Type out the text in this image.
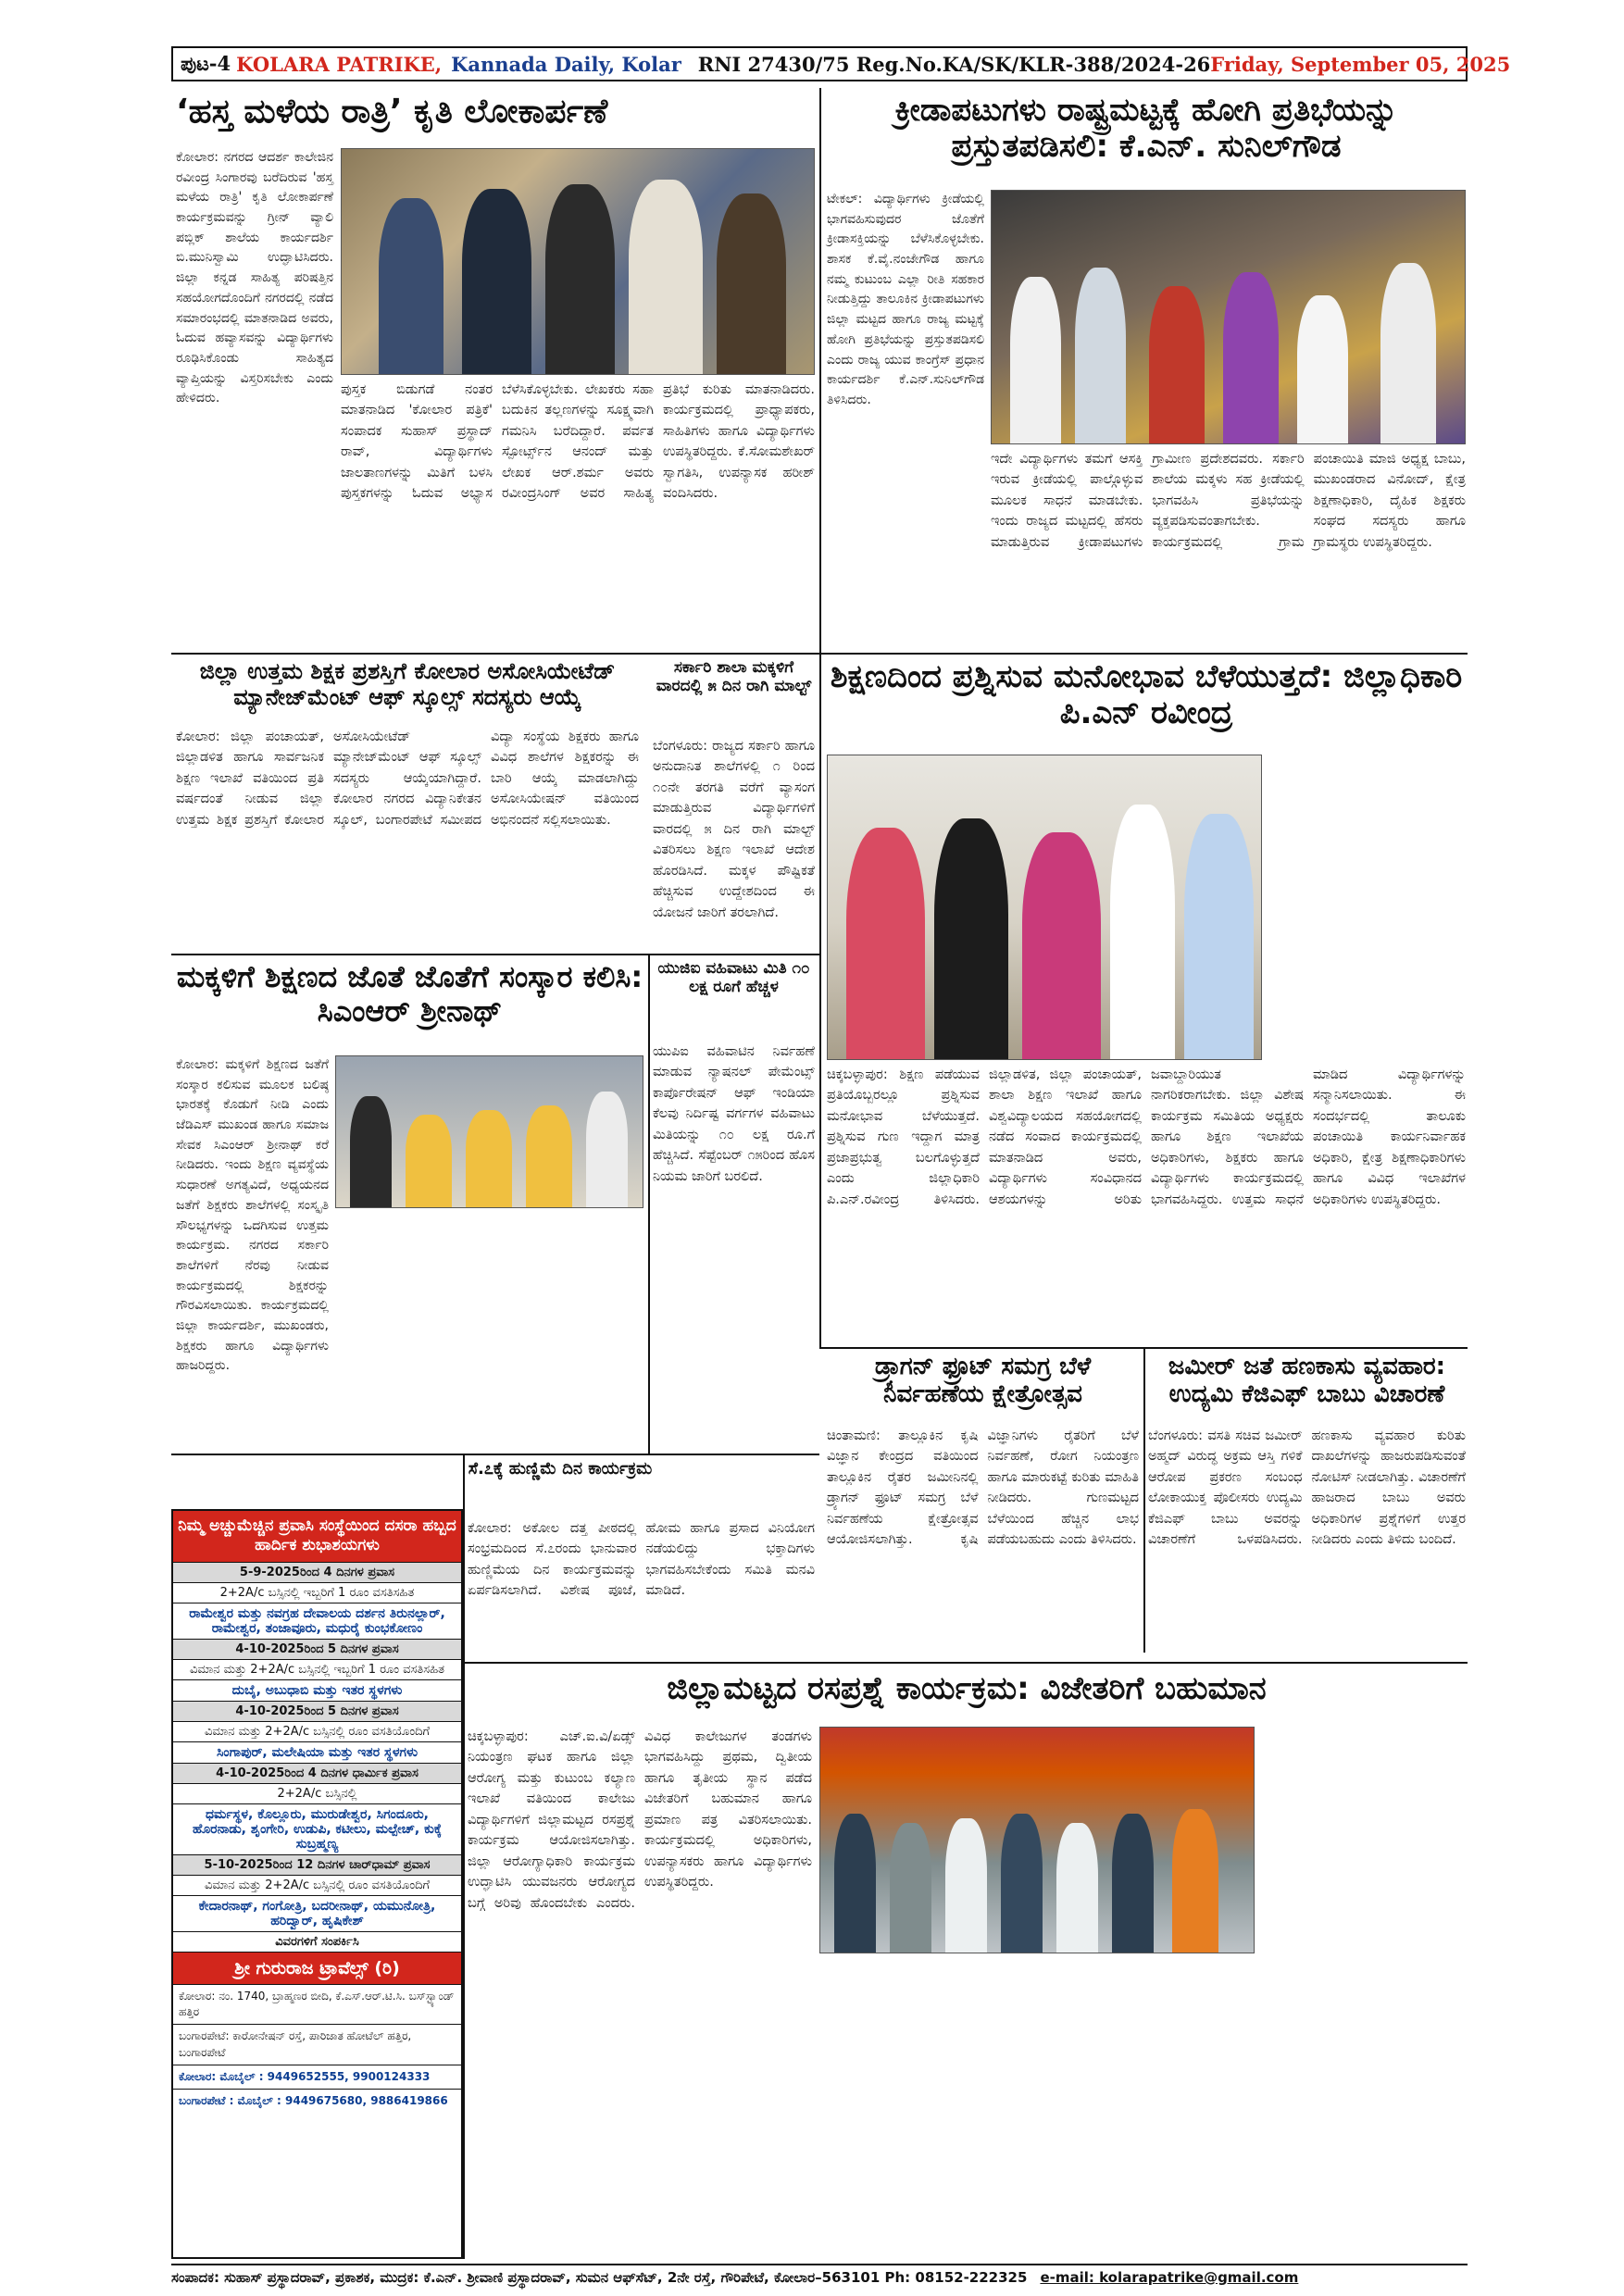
ಪುಟ-4 KOLARA PATRIKE, Kannada Daily, Kolar RNI 27430/75 Reg.No.KA/SK/KLR-388/2024-26 Friday, September 05, 2025
‘ಹಸ್ತ ಮಳೆಯ ರಾತ್ರಿ’ ಕೃತಿ ಲೋಕಾರ್ಪಣೆ
ಕೋಲಾರ: ನಗರದ ಆದರ್ಶ ಕಾಲೇಜಿನ ರವೀಂದ್ರ ಸಿಂಗಾರವು ಬರೆದಿರುವ 'ಹಸ್ತ ಮಳೆಯ ರಾತ್ರಿ' ಕೃತಿ ಲೋಕಾರ್ಪಣೆ ಕಾರ್ಯಕ್ರಮವನ್ನು ಗ್ರೀನ್ ವ್ಯಾಲಿ ಪಬ್ಲಿಕ್ ಶಾಲೆಯ ಕಾರ್ಯದರ್ಶಿ ಬಿ.ಮುನಿಸ್ವಾಮಿ ಉದ್ಘಾಟಿಸಿದರು. ಜಿಲ್ಲಾ ಕನ್ನಡ ಸಾಹಿತ್ಯ ಪರಿಷತ್ತಿನ ಸಹಯೋಗದೊಂದಿಗೆ ನಗರದಲ್ಲಿ ನಡೆದ ಸಮಾರಂಭದಲ್ಲಿ ಮಾತನಾಡಿದ ಅವರು, ಓದುವ ಹವ್ಯಾಸವನ್ನು ವಿದ್ಯಾರ್ಥಿಗಳು ರೂಢಿಸಿಕೊಂಡು ಸಾಹಿತ್ಯದ ವ್ಯಾಪ್ತಿಯನ್ನು ವಿಸ್ತರಿಸಬೇಕು ಎಂದು ಹೇಳಿದರು.
ಪುಸ್ತಕ ಬಿಡುಗಡೆ ನಂತರ ಮಾತನಾಡಿದ 'ಕೋಲಾರ ಪತ್ರಿಕೆ' ಸಂಪಾದಕ ಸುಹಾಸ್ ಪ್ರಸ್ಥಾದ್ ರಾವ್, ವಿದ್ಯಾರ್ಥಿಗಳು ಜಾಲತಾಣಗಳನ್ನು ಮಿತಿಗೆ ಬಳಸಿ ಪುಸ್ತಕಗಳನ್ನು ಓದುವ ಅಭ್ಯಾಸ ಬೆಳೆಸಿಕೊಳ್ಳಬೇಕು. ಲೇಖಕರು ಸಹಾ ಬದುಕಿನ ತಲ್ಲಣಗಳನ್ನು ಸೂಕ್ಷ್ಮವಾಗಿ ಗಮನಿಸಿ ಬರೆದಿದ್ದಾರೆ. ಪರ್ವತ ಸ್ಪೋರ್ಟ್ಸ್‌ನ ಆನಂದ್ ಮತ್ತು ಲೇಖಕ ಆರ್.ಶರ್ಮ ಅವರು ರವೀಂದ್ರಸಿಂಗ್ ಅವರ ಸಾಹಿತ್ಯ ಪ್ರತಿಭೆ ಕುರಿತು ಮಾತನಾಡಿದರು. ಕಾರ್ಯಕ್ರಮದಲ್ಲಿ ಪ್ರಾಧ್ಯಾಪಕರು, ಸಾಹಿತಿಗಳು ಹಾಗೂ ವಿದ್ಯಾರ್ಥಿಗಳು ಉಪಸ್ಥಿತರಿದ್ದರು. ಕೆ.ಸೋಮಶೇಖರ್ ಸ್ವಾಗತಿಸಿ, ಉಪನ್ಯಾಸಕ ಹರೀಶ್ ವಂದಿಸಿದರು.
ಕ್ರೀಡಾಪಟುಗಳು ರಾಷ್ಟ್ರಮಟ್ಟಕ್ಕೆ ಹೋಗಿ ಪ್ರತಿಭೆಯನ್ನು ಪ್ರಸ್ತುತಪಡಿಸಲಿ: ಕೆ.ಎನ್. ಸುನಿಲ್‌ಗೌಡ
ಟೇಕಲ್: ವಿದ್ಯಾರ್ಥಿಗಳು ಕ್ರೀಡೆಯಲ್ಲಿ ಭಾಗವಹಿಸುವುದರ ಜೊತೆಗೆ ಕ್ರೀಡಾಸಕ್ತಿಯನ್ನು ಬೆಳೆಸಿಕೊಳ್ಳಬೇಕು. ಶಾಸಕ ಕೆ.ವೈ.ನಂಜೇಗೌಡ ಹಾಗೂ ನಮ್ಮ ಕುಟುಂಬ ಎಲ್ಲಾ ರೀತಿ ಸಹಕಾರ ನೀಡುತ್ತಿದ್ದು ತಾಲೂಕಿನ ಕ್ರೀಡಾಪಟುಗಳು ಜಿಲ್ಲಾ ಮಟ್ಟದ ಹಾಗೂ ರಾಜ್ಯ ಮಟ್ಟಕ್ಕೆ ಹೋಗಿ ಪ್ರತಿಭೆಯನ್ನು ಪ್ರಸ್ತುತಪಡಿಸಲಿ ಎಂದು ರಾಜ್ಯ ಯುವ ಕಾಂಗ್ರೆಸ್ ಪ್ರಧಾನ ಕಾರ್ಯದರ್ಶಿ ಕೆ.ಎನ್.ಸುನಿಲ್‌ಗೌಡ ತಿಳಿಸಿದರು.
ಇದೇ ವಿದ್ಯಾರ್ಥಿಗಳು ತಮಗೆ ಆಸಕ್ತಿ ಇರುವ ಕ್ರೀಡೆಯಲ್ಲಿ ಪಾಲ್ಗೊಳ್ಳುವ ಮೂಲಕ ಸಾಧನೆ ಮಾಡಬೇಕು. ಇಂದು ರಾಜ್ಯದ ಮಟ್ಟದಲ್ಲಿ ಹೆಸರು ಮಾಡುತ್ತಿರುವ ಕ್ರೀಡಾಪಟುಗಳು ಗ್ರಾಮೀಣ ಪ್ರದೇಶದವರು. ಸರ್ಕಾರಿ ಶಾಲೆಯ ಮಕ್ಕಳು ಸಹ ಕ್ರೀಡೆಯಲ್ಲಿ ಭಾಗವಹಿಸಿ ಪ್ರತಿಭೆಯನ್ನು ವ್ಯಕ್ತಪಡಿಸುವಂತಾಗಬೇಕು. ಕಾರ್ಯಕ್ರಮದಲ್ಲಿ ಗ್ರಾಮ ಪಂಚಾಯಿತಿ ಮಾಜಿ ಅಧ್ಯಕ್ಷ ಬಾಬು, ಮುಖಂಡರಾದ ವಿನೋದ್, ಕ್ಷೇತ್ರ ಶಿಕ್ಷಣಾಧಿಕಾರಿ, ದೈಹಿಕ ಶಿಕ್ಷಕರು ಸಂಘದ ಸದಸ್ಯರು ಹಾಗೂ ಗ್ರಾಮಸ್ಥರು ಉಪಸ್ಥಿತರಿದ್ದರು.
ಜಿಲ್ಲಾ ಉತ್ತಮ ಶಿಕ್ಷಕ ಪ್ರಶಸ್ತಿಗೆ ಕೋಲಾರ ಅಸೋಸಿಯೇಟೆಡ್ ಮ್ಯಾನೇಜ್‌ಮೆಂಟ್ ಆಫ್ ಸ್ಕೂಲ್ಸ್ ಸದಸ್ಯರು ಆಯ್ಕೆ
ಕೋಲಾರ: ಜಿಲ್ಲಾ ಪಂಚಾಯತ್, ಜಿಲ್ಲಾಡಳಿತ ಹಾಗೂ ಸಾರ್ವಜನಿಕ ಶಿಕ್ಷಣ ಇಲಾಖೆ ವತಿಯಿಂದ ಪ್ರತಿ ವರ್ಷದಂತೆ ನೀಡುವ ಜಿಲ್ಲಾ ಉತ್ತಮ ಶಿಕ್ಷಕ ಪ್ರಶಸ್ತಿಗೆ ಕೋಲಾರ ಅಸೋಸಿಯೇಟೆಡ್ ಮ್ಯಾನೇಜ್‌ಮೆಂಟ್ ಆಫ್ ಸ್ಕೂಲ್ಸ್ ಸದಸ್ಯರು ಆಯ್ಕೆಯಾಗಿದ್ದಾರೆ. ಕೋಲಾರ ನಗರದ ವಿದ್ಯಾನಿಕೇತನ ಸ್ಕೂಲ್, ಬಂಗಾರಪೇಟೆ ಸಮೀಪದ ವಿದ್ಯಾ ಸಂಸ್ಥೆಯ ಶಿಕ್ಷಕರು ಹಾಗೂ ವಿವಿಧ ಶಾಲೆಗಳ ಶಿಕ್ಷಕರನ್ನು ಈ ಬಾರಿ ಆಯ್ಕೆ ಮಾಡಲಾಗಿದ್ದು ಅಸೋಸಿಯೇಷನ್ ವತಿಯಿಂದ ಅಭಿನಂದನೆ ಸಲ್ಲಿಸಲಾಯಿತು.
ಸರ್ಕಾರಿ ಶಾಲಾ ಮಕ್ಕಳಿಗೆ ವಾರದಲ್ಲಿ ೫ ದಿನ ರಾಗಿ ಮಾಲ್ಟ್
ಬೆಂಗಳೂರು: ರಾಜ್ಯದ ಸರ್ಕಾರಿ ಹಾಗೂ ಅನುದಾನಿತ ಶಾಲೆಗಳಲ್ಲಿ ೧ ರಿಂದ ೧೦ನೇ ತರಗತಿ ವರೆಗೆ ವ್ಯಾಸಂಗ ಮಾಡುತ್ತಿರುವ ವಿದ್ಯಾರ್ಥಿಗಳಿಗೆ ವಾರದಲ್ಲಿ ೫ ದಿನ ರಾಗಿ ಮಾಲ್ಟ್ ವಿತರಿಸಲು ಶಿಕ್ಷಣ ಇಲಾಖೆ ಆದೇಶ ಹೊರಡಿಸಿದೆ. ಮಕ್ಕಳ ಪೌಷ್ಟಿಕತೆ ಹೆಚ್ಚಿಸುವ ಉದ್ದೇಶದಿಂದ ಈ ಯೋಜನೆ ಜಾರಿಗೆ ತರಲಾಗಿದೆ.
ಶಿಕ್ಷಣದಿಂದ ಪ್ರಶ್ನಿಸುವ ಮನೋಭಾವ ಬೆಳೆಯುತ್ತದೆ: ಜಿಲ್ಲಾಧಿಕಾರಿ ಪಿ.ಎನ್ ರವೀಂದ್ರ
ಚಿಕ್ಕಬಳ್ಳಾಪುರ: ಶಿಕ್ಷಣ ಪಡೆಯುವ ಪ್ರತಿಯೊಬ್ಬರಲ್ಲೂ ಪ್ರಶ್ನಿಸುವ ಮನೋಭಾವ ಬೆಳೆಯುತ್ತದೆ. ಪ್ರಶ್ನಿಸುವ ಗುಣ ಇದ್ದಾಗ ಮಾತ್ರ ಪ್ರಜಾಪ್ರಭುತ್ವ ಬಲಗೊಳ್ಳುತ್ತದೆ ಎಂದು ಜಿಲ್ಲಾಧಿಕಾರಿ ಪಿ.ಎನ್.ರವೀಂದ್ರ ತಿಳಿಸಿದರು. ಜಿಲ್ಲಾಡಳಿತ, ಜಿಲ್ಲಾ ಪಂಚಾಯತ್, ಶಾಲಾ ಶಿಕ್ಷಣ ಇಲಾಖೆ ಹಾಗೂ ವಿಶ್ವವಿದ್ಯಾಲಯದ ಸಹಯೋಗದಲ್ಲಿ ನಡೆದ ಸಂವಾದ ಕಾರ್ಯಕ್ರಮದಲ್ಲಿ ಮಾತನಾಡಿದ ಅವರು, ವಿದ್ಯಾರ್ಥಿಗಳು ಸಂವಿಧಾನದ ಆಶಯಗಳನ್ನು ಅರಿತು ಜವಾಬ್ದಾರಿಯುತ ನಾಗರಿಕರಾಗಬೇಕು. ಜಿಲ್ಲಾ ವಿಶೇಷ ಕಾರ್ಯಕ್ರಮ ಸಮಿತಿಯ ಅಧ್ಯಕ್ಷರು ಹಾಗೂ ಶಿಕ್ಷಣ ಇಲಾಖೆಯ ಅಧಿಕಾರಿಗಳು, ಶಿಕ್ಷಕರು ಹಾಗೂ ವಿದ್ಯಾರ್ಥಿಗಳು ಕಾರ್ಯಕ್ರಮದಲ್ಲಿ ಭಾಗವಹಿಸಿದ್ದರು. ಉತ್ತಮ ಸಾಧನೆ ಮಾಡಿದ ವಿದ್ಯಾರ್ಥಿಗಳನ್ನು ಸನ್ಮಾನಿಸಲಾಯಿತು. ಈ ಸಂದರ್ಭದಲ್ಲಿ ತಾಲೂಕು ಪಂಚಾಯಿತಿ ಕಾರ್ಯನಿರ್ವಾಹಕ ಅಧಿಕಾರಿ, ಕ್ಷೇತ್ರ ಶಿಕ್ಷಣಾಧಿಕಾರಿಗಳು ಹಾಗೂ ವಿವಿಧ ಇಲಾಖೆಗಳ ಅಧಿಕಾರಿಗಳು ಉಪಸ್ಥಿತರಿದ್ದರು.
ಮಕ್ಕಳಿಗೆ ಶಿಕ್ಷಣದ ಜೊತೆ ಜೊತೆಗೆ ಸಂಸ್ಕಾರ ಕಲಿಸಿ: ಸಿಎಂಆರ್ ಶ್ರೀನಾಥ್
ಕೋಲಾರ: ಮಕ್ಕಳಿಗೆ ಶಿಕ್ಷಣದ ಜತೆಗೆ ಸಂಸ್ಕಾರ ಕಲಿಸುವ ಮೂಲಕ ಬಲಿಷ್ಠ ಭಾರತಕ್ಕೆ ಕೊಡುಗೆ ನೀಡಿ ಎಂದು ಜೆಡಿಎಸ್ ಮುಖಂಡ ಹಾಗೂ ಸಮಾಜ ಸೇವಕ ಸಿಎಂಆರ್ ಶ್ರೀನಾಥ್ ಕರೆ ನೀಡಿದರು. ಇಂದು ಶಿಕ್ಷಣ ವ್ಯವಸ್ಥೆಯ ಸುಧಾರಣೆ ಅಗತ್ಯವಿದೆ, ಅಧ್ಯಯನದ ಜತೆಗೆ ಶಿಕ್ಷಕರು ಶಾಲೆಗಳಲ್ಲಿ ಸಂಸ್ಕೃತಿ ಸೌಲಭ್ಯಗಳನ್ನು ಒದಗಿಸುವ ಉತ್ತಮ ಕಾರ್ಯಕ್ರಮ. ನಗರದ ಸರ್ಕಾರಿ ಶಾಲೆಗಳಿಗೆ ನೆರವು ನೀಡುವ ಕಾರ್ಯಕ್ರಮದಲ್ಲಿ ಶಿಕ್ಷಕರನ್ನು ಗೌರವಿಸಲಾಯಿತು. ಕಾರ್ಯಕ್ರಮದಲ್ಲಿ ಜಿಲ್ಲಾ ಕಾರ್ಯದರ್ಶಿ, ಮುಖಂಡರು, ಶಿಕ್ಷಕರು ಹಾಗೂ ವಿದ್ಯಾರ್ಥಿಗಳು ಹಾಜರಿದ್ದರು.
ಯುಜಿಐ ವಹಿವಾಟು ಮಿತಿ ೧೦ ಲಕ್ಷ ರೂಗೆ ಹೆಚ್ಚಳ
ಯುಪಿಐ ವಹಿವಾಟಿನ ನಿರ್ವಹಣೆ ಮಾಡುವ ನ್ಯಾಷನಲ್ ಪೇಮೆಂಟ್ಸ್ ಕಾರ್ಪೊರೇಷನ್ ಆಫ್ ಇಂಡಿಯಾ ಕೆಲವು ನಿರ್ದಿಷ್ಟ ವರ್ಗಗಳ ವಹಿವಾಟು ಮಿತಿಯನ್ನು ೧೦ ಲಕ್ಷ ರೂ.ಗೆ ಹೆಚ್ಚಿಸಿದೆ. ಸೆಪ್ಟೆಂಬರ್ ೧೫ರಿಂದ ಹೊಸ ನಿಯಮ ಜಾರಿಗೆ ಬರಲಿದೆ.
ಡ್ರ್ಯಾಗನ್ ಫ್ರೂಟ್ ಸಮಗ್ರ ಬೆಳೆ ನಿರ್ವಹಣೆಯ ಕ್ಷೇತ್ರೋತ್ಸವ
ಚಿಂತಾಮಣಿ: ತಾಲ್ಲೂಕಿನ ಕೃಷಿ ವಿಜ್ಞಾನ ಕೇಂದ್ರದ ವತಿಯಿಂದ ತಾಲ್ಲೂಕಿನ ರೈತರ ಜಮೀನಿನಲ್ಲಿ ಡ್ರ್ಯಾಗನ್ ಫ್ರೂಟ್ ಸಮಗ್ರ ಬೆಳೆ ನಿರ್ವಹಣೆಯ ಕ್ಷೇತ್ರೋತ್ಸವ ಆಯೋಜಿಸಲಾಗಿತ್ತು. ಕೃಷಿ ವಿಜ್ಞಾನಿಗಳು ರೈತರಿಗೆ ಬೆಳೆ ನಿರ್ವಹಣೆ, ರೋಗ ನಿಯಂತ್ರಣ ಹಾಗೂ ಮಾರುಕಟ್ಟೆ ಕುರಿತು ಮಾಹಿತಿ ನೀಡಿದರು. ಗುಣಮಟ್ಟದ ಬೆಳೆಯಿಂದ ಹೆಚ್ಚಿನ ಲಾಭ ಪಡೆಯಬಹುದು ಎಂದು ತಿಳಿಸಿದರು.
ಜಮೀರ್ ಜತೆ ಹಣಕಾಸು ವ್ಯವಹಾರ: ಉದ್ಯಮಿ ಕೆಜಿಎಫ್ ಬಾಬು ವಿಚಾರಣೆ
ಬೆಂಗಳೂರು: ವಸತಿ ಸಚಿವ ಜಮೀರ್ ಅಹ್ಮದ್ ವಿರುದ್ಧ ಅಕ್ರಮ ಆಸ್ತಿ ಗಳಿಕೆ ಆರೋಪ ಪ್ರಕರಣ ಸಂಬಂಧ ಲೋಕಾಯುಕ್ತ ಪೊಲೀಸರು ಉದ್ಯಮಿ ಕೆಜಿಎಫ್ ಬಾಬು ಅವರನ್ನು ವಿಚಾರಣೆಗೆ ಒಳಪಡಿಸಿದರು. ಹಣಕಾಸು ವ್ಯವಹಾರ ಕುರಿತು ದಾಖಲೆಗಳನ್ನು ಹಾಜರುಪಡಿಸುವಂತೆ ನೋಟಿಸ್ ನೀಡಲಾಗಿತ್ತು. ವಿಚಾರಣೆಗೆ ಹಾಜರಾದ ಬಾಬು ಅವರು ಅಧಿಕಾರಿಗಳ ಪ್ರಶ್ನೆಗಳಿಗೆ ಉತ್ತರ ನೀಡಿದರು ಎಂದು ತಿಳಿದು ಬಂದಿದೆ.
ಸೆ.೭ಕ್ಕೆ ಹುಣ್ಣಿಮೆ ದಿನ ಕಾರ್ಯಕ್ರಮ
ಕೋಲಾರ: ಅಕೋಲ ದತ್ತ ಪೀಠದಲ್ಲಿ ಸಂಭ್ರಮದಿಂದ ಸೆ.೭ರಂದು ಭಾನುವಾರ ಹುಣ್ಣಿಮೆಯ ದಿನ ಕಾರ್ಯಕ್ರಮವನ್ನು ಏರ್ಪಡಿಸಲಾಗಿದೆ. ವಿಶೇಷ ಪೂಜೆ, ಹೋಮ ಹಾಗೂ ಪ್ರಸಾದ ವಿನಿಯೋಗ ನಡೆಯಲಿದ್ದು ಭಕ್ತಾದಿಗಳು ಭಾಗವಹಿಸಬೇಕೆಂದು ಸಮಿತಿ ಮನವಿ ಮಾಡಿದೆ.
ಜಿಲ್ಲಾಮಟ್ಟದ ರಸಪ್ರಶ್ನೆ ಕಾರ್ಯಕ್ರಮ: ವಿಜೇತರಿಗೆ ಬಹುಮಾನ
ಚಿಕ್ಕಬಳ್ಳಾಪುರ: ಎಚ್.ಐ.ವಿ/ಏಡ್ಸ್ ನಿಯಂತ್ರಣ ಘಟಕ ಹಾಗೂ ಜಿಲ್ಲಾ ಆರೋಗ್ಯ ಮತ್ತು ಕುಟುಂಬ ಕಲ್ಯಾಣ ಇಲಾಖೆ ವತಿಯಿಂದ ಕಾಲೇಜು ವಿದ್ಯಾರ್ಥಿಗಳಿಗೆ ಜಿಲ್ಲಾಮಟ್ಟದ ರಸಪ್ರಶ್ನೆ ಕಾರ್ಯಕ್ರಮ ಆಯೋಜಿಸಲಾಗಿತ್ತು. ಜಿಲ್ಲಾ ಆರೋಗ್ಯಾಧಿಕಾರಿ ಕಾರ್ಯಕ್ರಮ ಉದ್ಘಾಟಿಸಿ ಯುವಜನರು ಆರೋಗ್ಯದ ಬಗ್ಗೆ ಅರಿವು ಹೊಂದಬೇಕು ಎಂದರು. ವಿವಿಧ ಕಾಲೇಜುಗಳ ತಂಡಗಳು ಭಾಗವಹಿಸಿದ್ದು ಪ್ರಥಮ, ದ್ವಿತೀಯ ಹಾಗೂ ತೃತೀಯ ಸ್ಥಾನ ಪಡೆದ ವಿಜೇತರಿಗೆ ಬಹುಮಾನ ಹಾಗೂ ಪ್ರಮಾಣ ಪತ್ರ ವಿತರಿಸಲಾಯಿತು. ಕಾರ್ಯಕ್ರಮದಲ್ಲಿ ಅಧಿಕಾರಿಗಳು, ಉಪನ್ಯಾಸಕರು ಹಾಗೂ ವಿದ್ಯಾರ್ಥಿಗಳು ಉಪಸ್ಥಿತರಿದ್ದರು.
ನಿಮ್ಮ ಅಚ್ಚುಮೆಚ್ಚಿನ ಪ್ರವಾಸಿ ಸಂಸ್ಥೆಯಿಂದ ದಸರಾ ಹಬ್ಬದ ಹಾರ್ದಿಕ ಶುಭಾಶಯಗಳು
5-9-2025ರಿಂದ 4 ದಿನಗಳ ಪ್ರವಾಸ
2+2A/c ಬಸ್ಸಿನಲ್ಲಿ ಇಬ್ಬರಿಗೆ 1 ರೂಂ ವಸತಿಸಹಿತ
ರಾಮೇಶ್ವರ ಮತ್ತು ನವಗ್ರಹ ದೇವಾಲಯ ದರ್ಶನ ತಿರುನಲ್ಲಾರ್, ರಾಮೇಶ್ವರ, ತಂಜಾವೂರು, ಮಧುರೈ ಕುಂಭಕೋಣಂ
4-10-2025ರಿಂದ 5 ದಿನಗಳ ಪ್ರವಾಸ
ವಿಮಾನ ಮತ್ತು 2+2A/c ಬಸ್ಸಿನಲ್ಲಿ ಇಬ್ಬರಿಗೆ 1 ರೂಂ ವಸತಿಸಹಿತ
ದುಬೈ, ಅಬುಧಾಬಿ ಮತ್ತು ಇತರ ಸ್ಥಳಗಳು
4-10-2025ರಿಂದ 5 ದಿನಗಳ ಪ್ರವಾಸ
ವಿಮಾನ ಮತ್ತು 2+2A/c ಬಸ್ಸಿನಲ್ಲಿ ರೂಂ ವಸತಿಯೊಂದಿಗೆ
ಸಿಂಗಾಪುರ್, ಮಲೇಷಿಯಾ ಮತ್ತು ಇತರ ಸ್ಥಳಗಳು
4-10-2025ರಿಂದ 4 ದಿನಗಳ ಧಾರ್ಮಿಕ ಪ್ರವಾಸ
2+2A/c ಬಸ್ಸಿನಲ್ಲಿ
ಧರ್ಮಸ್ಥಳ, ಕೊಲ್ಲೂರು, ಮುರುಡೇಶ್ವರ, ಸಿಗಂದೂರು, ಹೊರನಾಡು, ಶೃಂಗೇರಿ, ಉಡುಪಿ, ಕಟೀಲು, ಮಲ್ಪೇಚ್, ಕುಕ್ಕೆ ಸುಬ್ರಹ್ಮಣ್ಯ
5-10-2025ರಿಂದ 12 ದಿನಗಳ ಚಾರ್‌ಧಾಮ್ ಪ್ರವಾಸ
ವಿಮಾನ ಮತ್ತು 2+2A/c ಬಸ್ಸಿನಲ್ಲಿ ರೂಂ ವಸತಿಯೊಂದಿಗೆ
ಕೇದಾರನಾಥ್, ಗಂಗೋತ್ರಿ, ಬದರೀನಾಥ್, ಯಮುನೋತ್ರಿ, ಹರಿದ್ವಾರ್, ಹೃಷಿಕೇಶ್
ವಿವರಗಳಿಗೆ ಸಂಪರ್ಕಿಸಿ
ಶ್ರೀ ಗುರುರಾಜ ಟ್ರಾವೆಲ್ಸ್ (ರಿ)
ಕೋಲಾರ: ನಂ. 1740, ಬ್ರಾಹ್ಮಣರ ಬೀದಿ, ಕೆ.ಎಸ್.ಆರ್.ಟಿ.ಸಿ. ಬಸ್‌ಸ್ಟ್ಯಾಂಡ್ ಹತ್ತಿರ
ಬಂಗಾರಪೇಟೆ: ಕಾರೋನೇಷನ್ ರಸ್ತೆ, ಪಾರಿಜಾತ ಹೋಟೆಲ್ ಹತ್ತಿರ, ಬಂಗಾರಪೇಟೆ
ಕೋಲಾರ: ಮೊಬೈಲ್ : 9449652555, 9900124333
ಬಂಗಾರಪೇಟೆ : ಮೊಬೈಲ್ : 9449675680, 9886419866
ಸಂಪಾದಕ: ಸುಹಾಸ್ ಪ್ರಸ್ಥಾದರಾವ್, ಪ್ರಕಾಶಕ, ಮುದ್ರಕ: ಕೆ.ಎನ್. ಶ್ರೀವಾಣಿ ಪ್ರಸ್ಥಾದರಾವ್, ಸುಮನ ಆಫ್‌ಸೆಟ್, 2ನೇ ರಸ್ತೆ, ಗೌರಿಪೇಟೆ, ಕೋಲಾರ–563101 Ph: 08152-222325 e-mail: kolarapatrike@gmail.com
